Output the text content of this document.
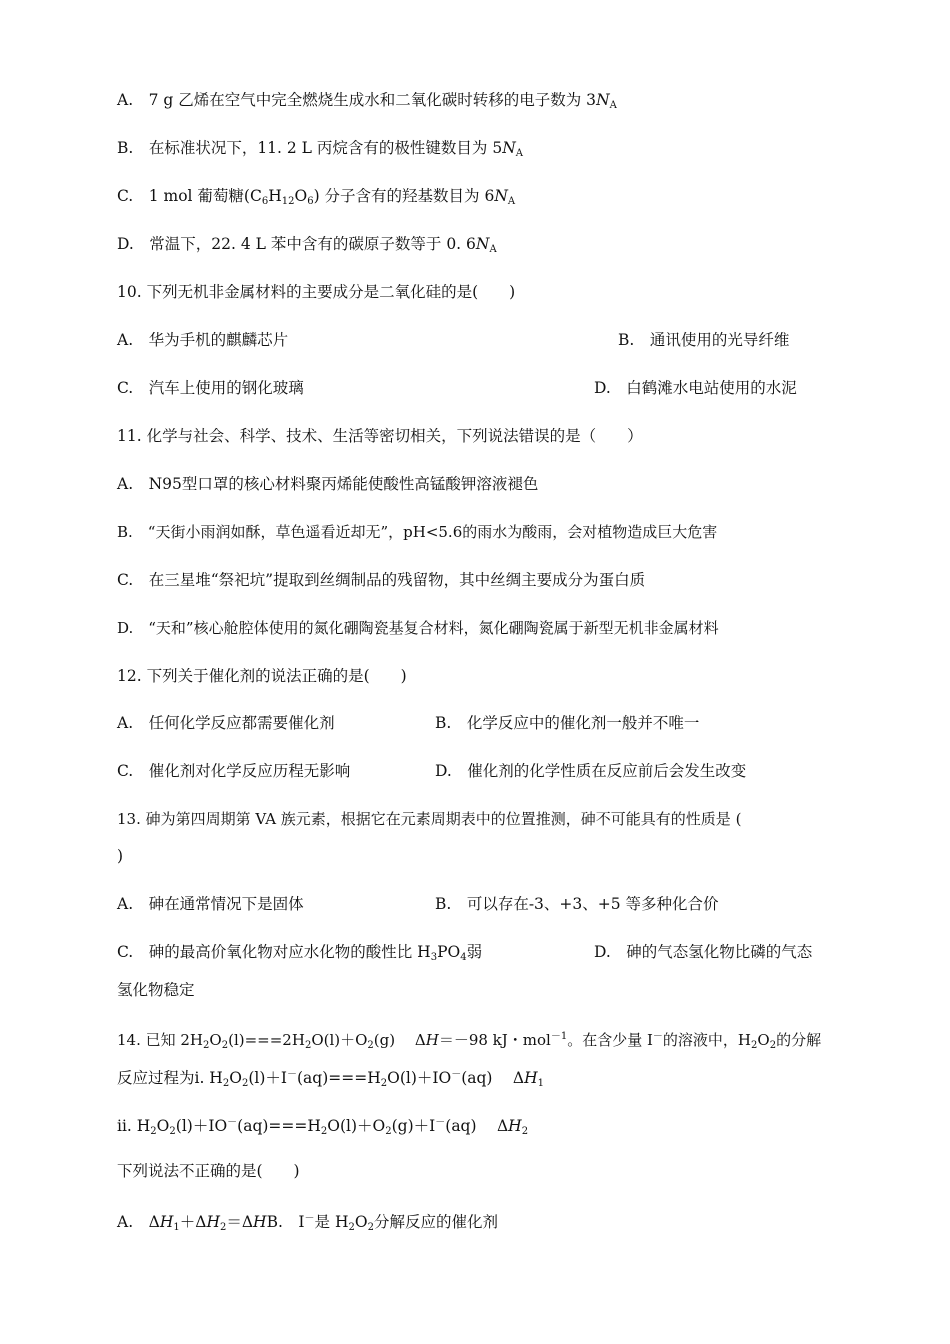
A.　7 g 乙烯在空气中完全燃烧生成水和二氧化碳时转移的电子数为 $3N_A$
B.　在标准状况下，11. 2 L 丙烷含有的极性键数目为 $5N_A$
C.　1 mol 葡萄糖$(C_6H_{12}O_6)$ 分子含有的羟基数目为 $6N_A$
D.　常温下，22. 4 L 苯中含有的碳原子数等于 0. $6N_A$
10. 下列无机非金属材料的主要成分是二氧化硅的是(　　)
A.　华为手机的麒麟芯片	B.　通讯使用的光导纤维
C.　汽车上使用的钢化玻璃	D.　白鹤滩水电站使用的水泥
11. 化学与社会、科学、技术、生活等密切相关，下列说法错误的是（　　）
A.　N95型口罩的核心材料聚丙烯能使酸性高锰酸钾溶液褪色
B.　“天街小雨润如酥，草色遥看近却无”，pH<5.6的雨水为酸雨，会对植物造成巨大危害
C.　在三星堆“祭祀坑”提取到丝绸制品的残留物，其中丝绸主要成分为蛋白质
D.　“天和”核心舱腔体使用的氮化硼陶瓷基复合材料，氮化硼陶瓷属于新型无机非金属材料
12. 下列关于催化剂的说法正确的是(　　)
A.　任何化学反应都需要催化剂	B.　化学反应中的催化剂一般并不唯一
C.　催化剂对化学反应历程无影响	D.　催化剂的化学性质在反应前后会发生改变
13. 砷为第四周期第 VA 族元素，根据它在元素周期表中的位置推测，砷不可能具有的性质是 (
)
A.　砷在通常情况下是固体	B.　可以存在-3、+3、+5 等多种化合价
C.　砷的最高价氧化物对应水化物的酸性比 $H_3PO_4$弱	D.　砷的气态氢化物比磷的气态
氢化物稳定
14. 已知 $2H_2O_2(l)===2H_2O(l)+O_2(g)$　 ΔH＝－98 kJ・mol$^{-1}$。在含少量 I－的溶液中，$H_2O_2$的分解
反应过程为ⅰ. $H_2O_2(l)+I^-(aq)===H_2O(l)+IO^-(aq)$　 $\Delta H_1$
ⅱ. $H_2O_2(l)+IO^-(aq)===H_2O(l)+O_2(g)+I^-(aq)$　 $\Delta H_2$
下列说法不正确的是(　　)
A.　$\Delta H_1+\Delta H_2=\Delta HB$.　I－是 $H_2O_2$分解反应的催化剂
